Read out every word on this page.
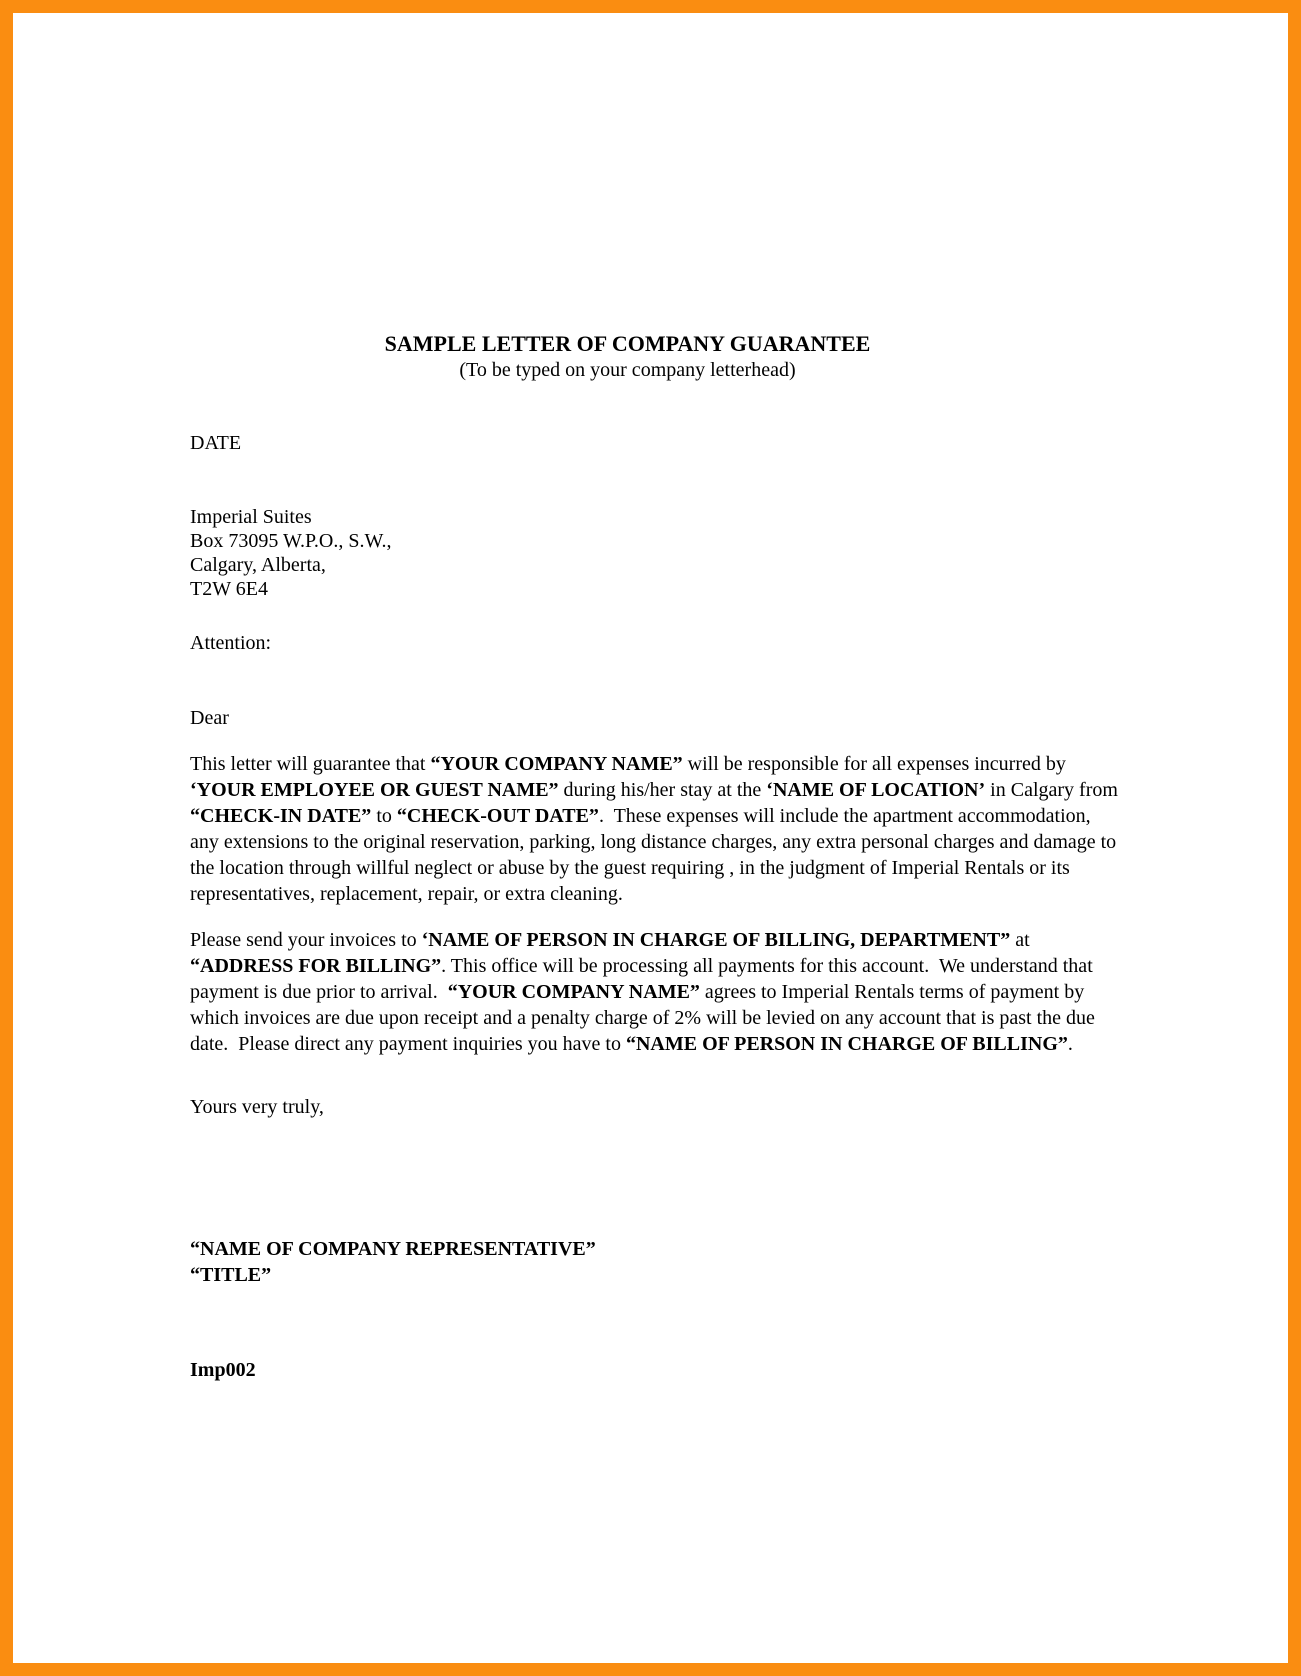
SAMPLE LETTER OF COMPANY GUARANTEE
(To be typed on your company letterhead)
DATE
Imperial Suites
Box 73095 W.P.O., S.W.,
Calgary, Alberta,
T2W 6E4
Attention:
Dear
This letter will guarantee that “YOUR COMPANY NAME” will be responsible for all expenses incurred by ‘YOUR EMPLOYEE OR GUEST NAME” during his/her stay at the ‘NAME OF LOCATION’ in Calgary from “CHECK-IN DATE” to “CHECK-OUT DATE”.  These expenses will include the apartment accommodation, any extensions to the original reservation, parking, long distance charges, any extra personal charges and damage to the location through willful neglect or abuse by the guest requiring , in the judgment of Imperial Rentals or its representatives, replacement, repair, or extra cleaning.
Please send your invoices to ‘NAME OF PERSON IN CHARGE OF BILLING, DEPARTMENT” at “ADDRESS FOR BILLING”. This office will be processing all payments for this account.  We understand that payment is due prior to arrival.  “YOUR COMPANY NAME” agrees to Imperial Rentals terms of payment by which invoices are due upon receipt and a penalty charge of 2% will be levied on any account that is past the due date.  Please direct any payment inquiries you have to “NAME OF PERSON IN CHARGE OF BILLING”.
Yours very truly,
“NAME OF COMPANY REPRESENTATIVE”
“TITLE”
Imp002
